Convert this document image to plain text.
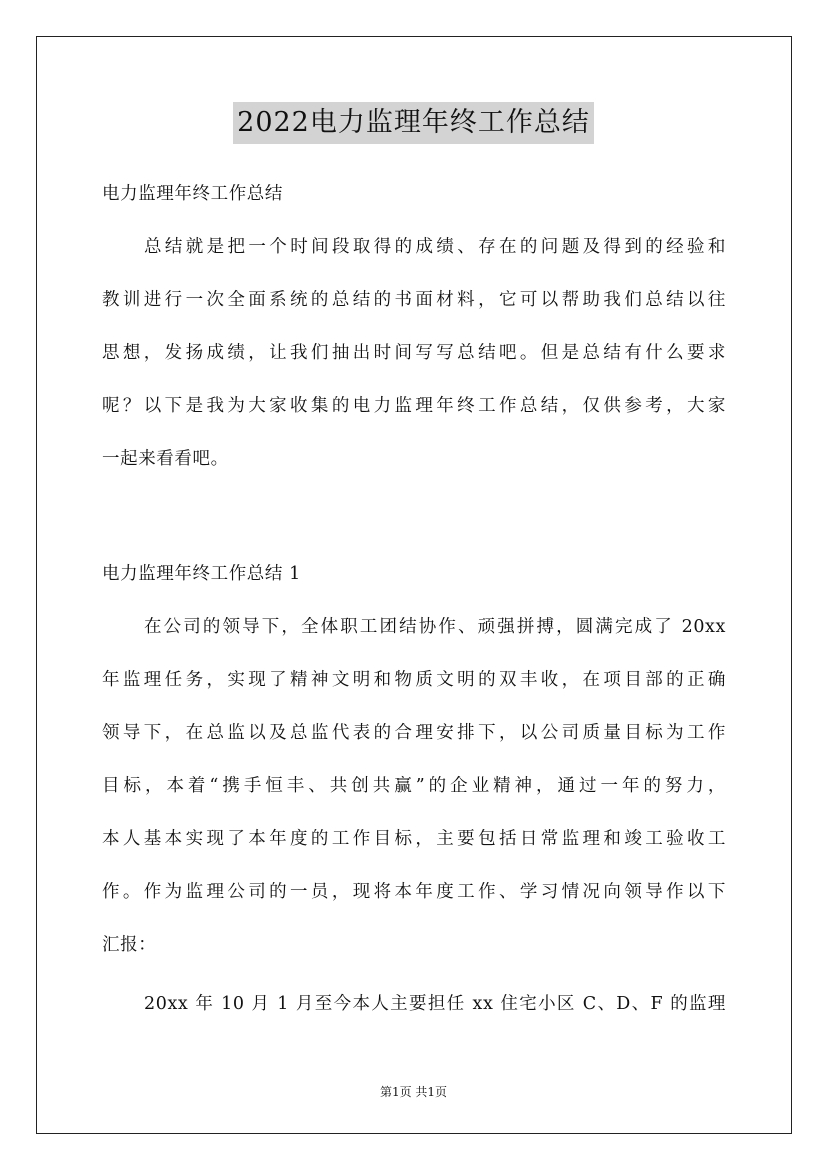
2022电力监理年终工作总结
电力监理年终工作总结
总结就是把一个时间段取得的成绩、存在的问题及得到的经验和
教训进行一次全面系统的总结的书面材料，它可以帮助我们总结以往
思想，发扬成绩，让我们抽出时间写写总结吧。但是总结有什么要求
呢？以下是我为大家收集的电力监理年终工作总结，仅供参考，大家
一起来看看吧。
电力监理年终工作总结 1
在公司的领导下，全体职工团结协作、顽强拼搏，圆满完成了 20xx
年监理任务，实现了精神文明和物质文明的双丰收，在项目部的正确
领导下，在总监以及总监代表的合理安排下，以公司质量目标为工作
目标，本着“携手恒丰、共创共赢”的企业精神，通过一年的努力，
本人基本实现了本年度的工作目标，主要包括日常监理和竣工验收工
作。作为监理公司的一员，现将本年度工作、学习情况向领导作以下
汇报：
20xx 年 10 月 1 月至今本人主要担任 xx 住宅小区 C、D、F 的监理
第1页 共1页
